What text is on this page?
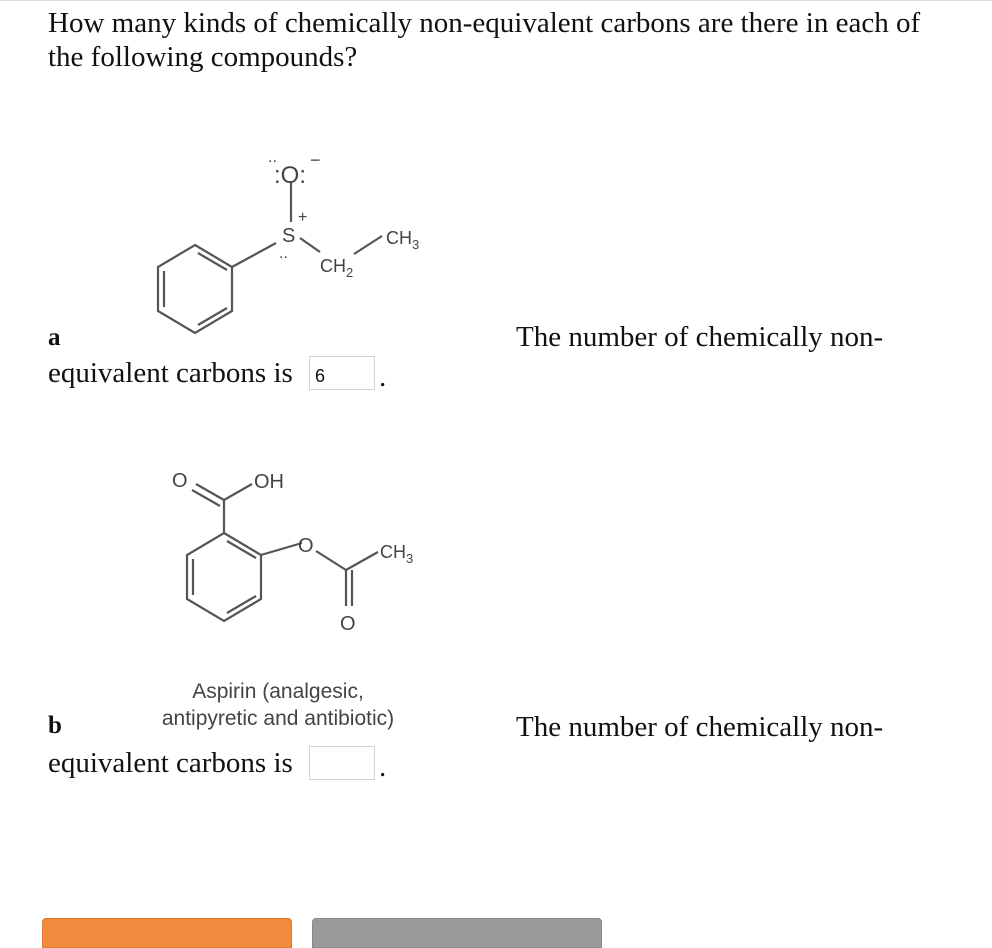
How many kinds of chemically non-equivalent carbons are there in each of the following compounds?
:O:
.. −
S
..
+
$CH_2$
$CH_3$
a	The number of chemically non-
equivalent carbons is
6	.
O	OH
O	$CH_3$
O
Aspirin (analgesic,
antipyretic and antibiotic)
b	The number of chemically non-
equivalent carbons is	.
